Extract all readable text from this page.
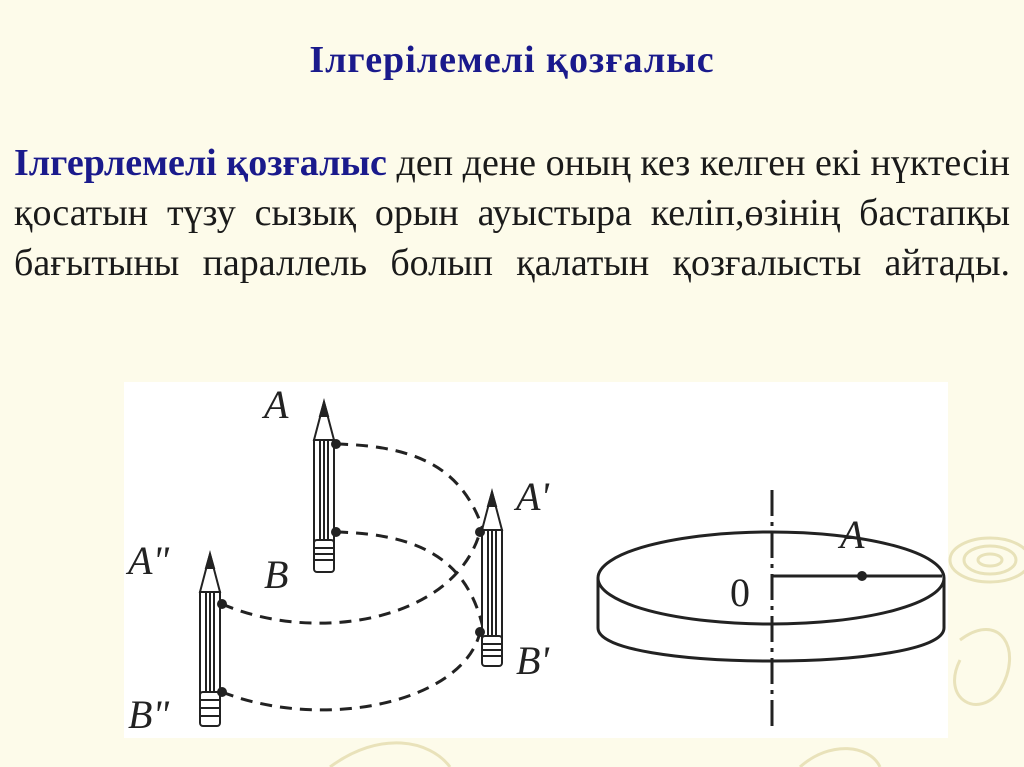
Ілгерілемелі қозғалыс
Ілгерлемелі қозғалыс деп дене оның кез келген екі нүктесін қосатын түзу сызық орын ауыстыра келіп,өзінің бастапқы бағытыны параллель болып қалатын қозғалысты айтады.
A
B
A'
B'
A"
B"
A
0
